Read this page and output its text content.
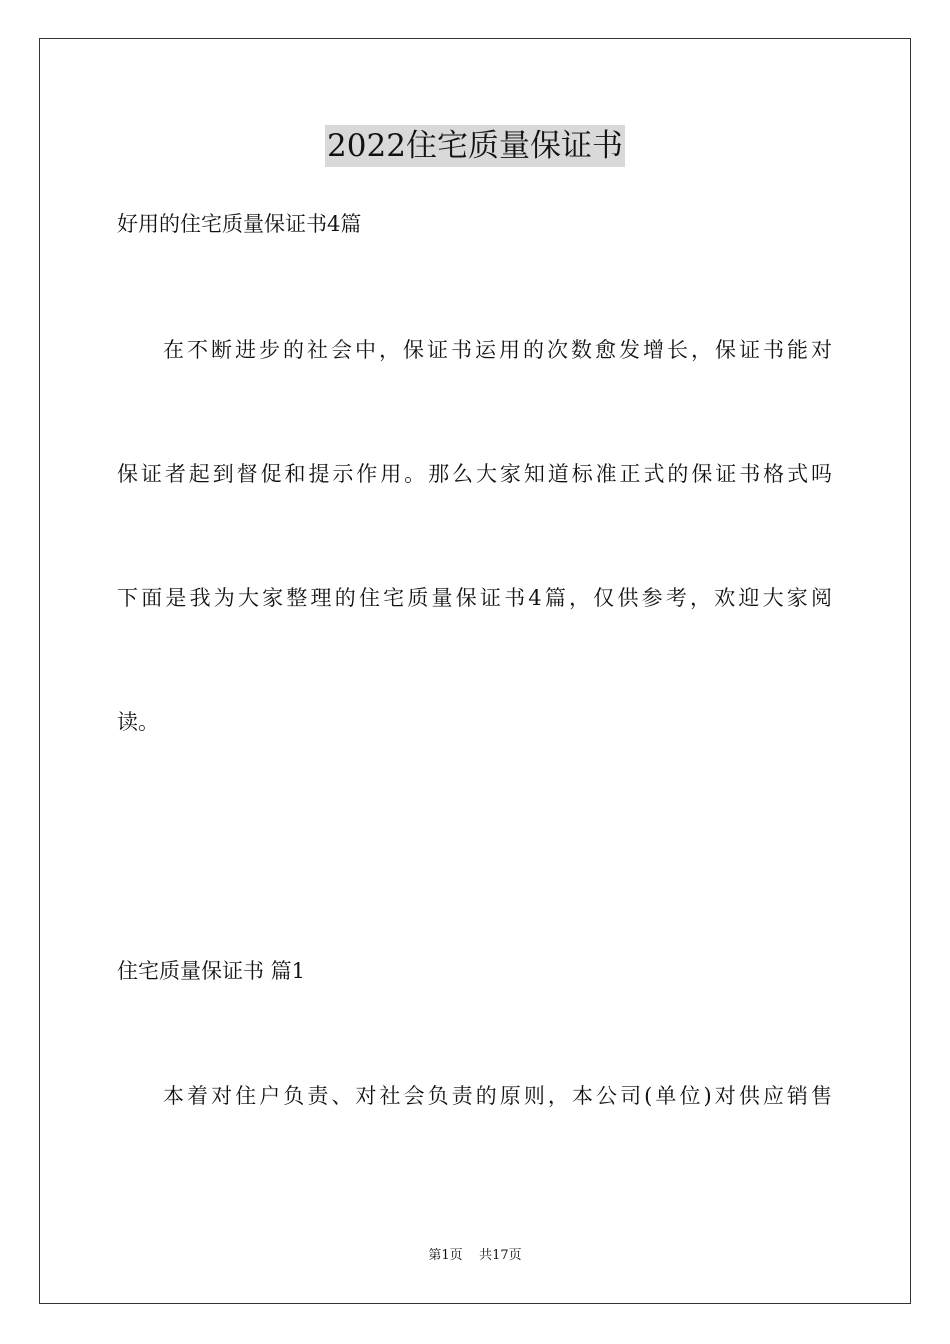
2022住宅质量保证书
好用的住宅质量保证书4篇
在不断进步的社会中，保证书运用的次数愈发增长，保证书能对
保证者起到督促和提示作用。那么大家知道标准正式的保证书格式吗
下面是我为大家整理的住宅质量保证书4篇，仅供参考，欢迎大家阅
读。
住宅质量保证书 篇1
本着对住户负责、对社会负责的原则，本公司(单位)对供应销售
第1页    共17页
